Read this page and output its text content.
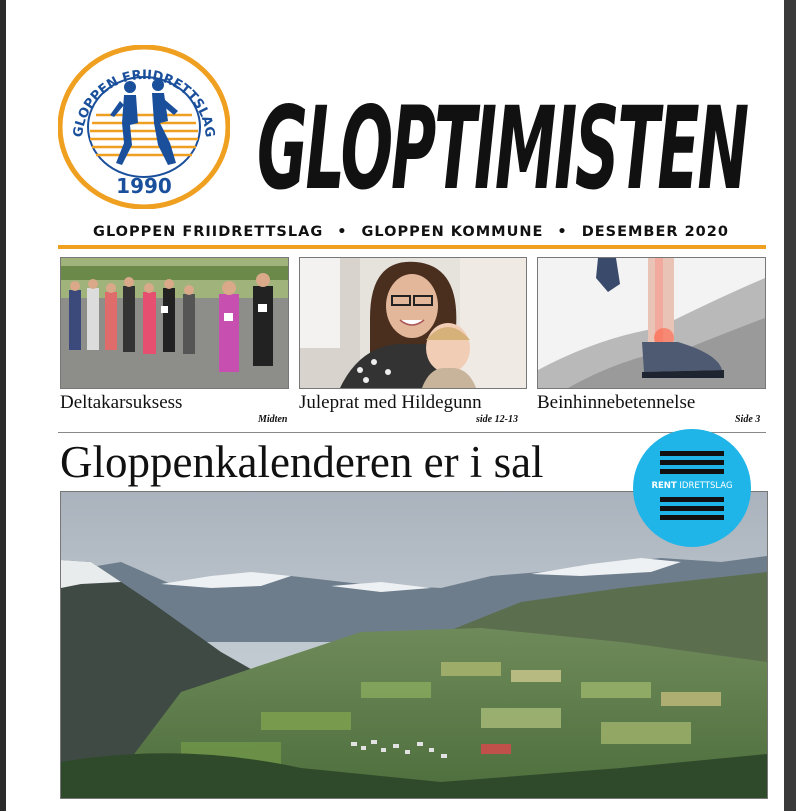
GLOPPEN FRIIDRETTSLAG
1990 GLOPTIMISTEN
GLOPPEN FRIIDRETTSLAG • GLOPPEN KOMMUNE • DESEMBER 2020
Deltakarsuksess
Midten
Juleprat med Hildegunn
side 12-13
Beinhinnebetennelse
Side 3
Gloppenkalenderen er i sal	RENT IDRETTSLAG
